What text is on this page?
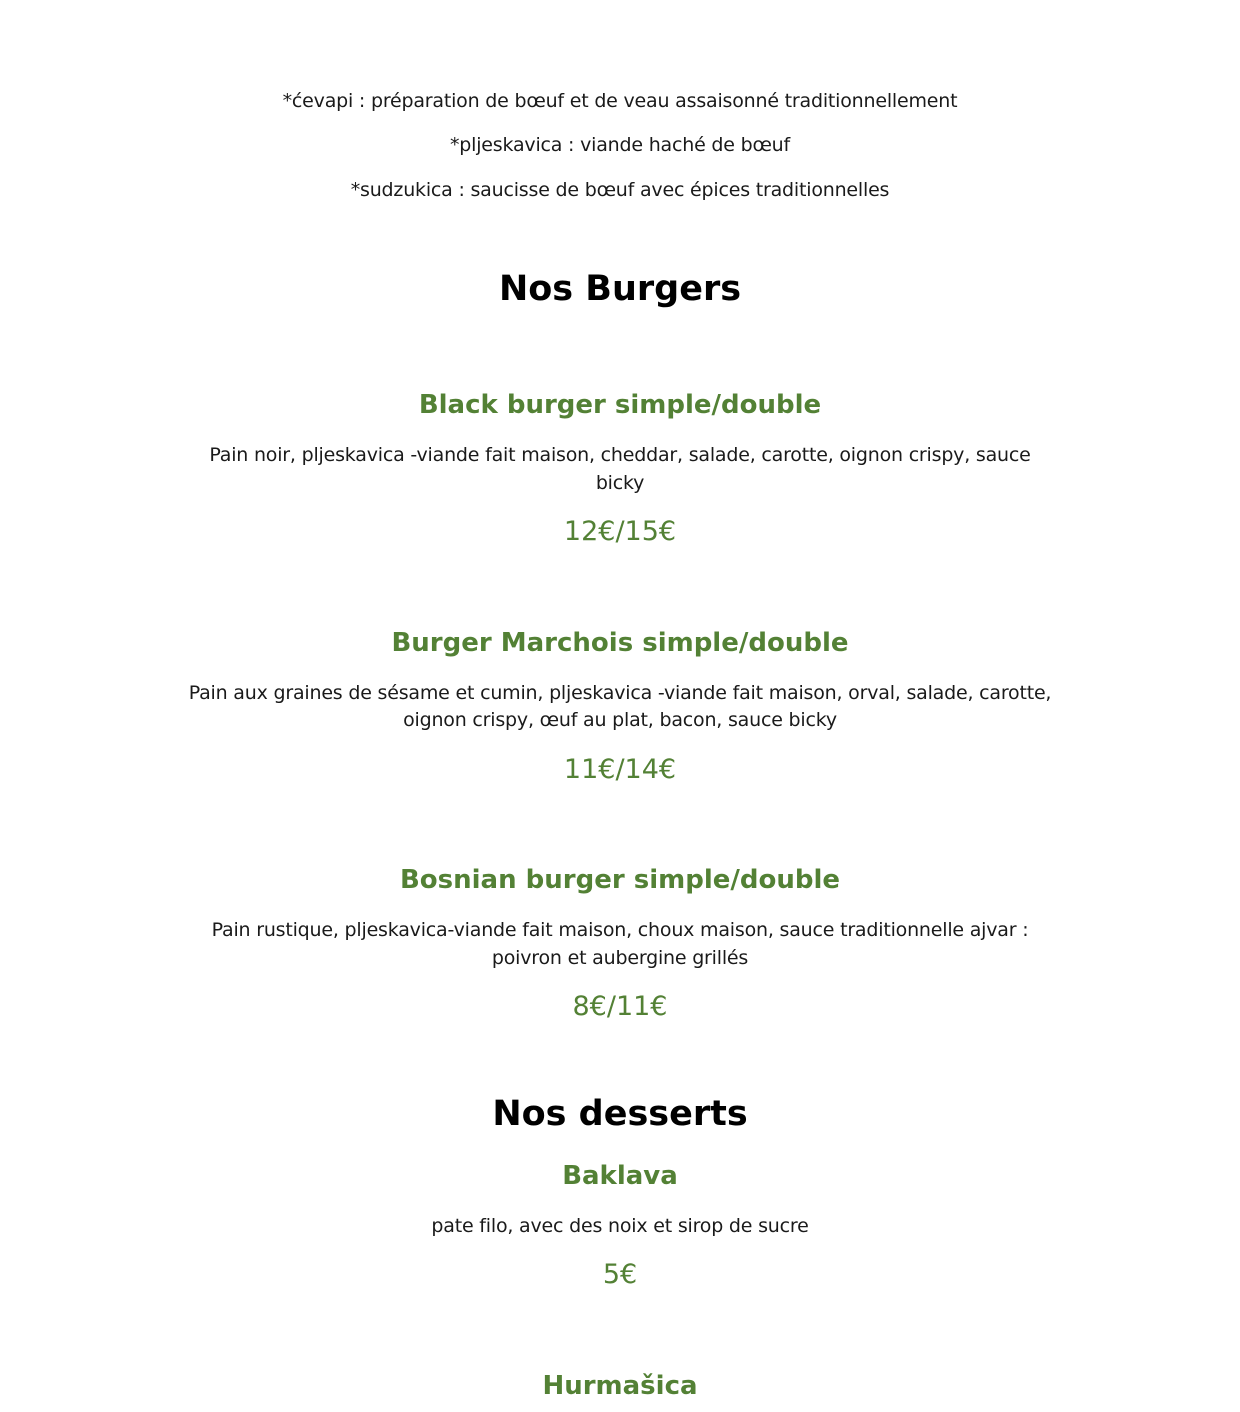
*ćevapi : préparation de bœuf et de veau assaisonné traditionnellement
*pljeskavica : viande haché de bœuf
*sudzukica : saucisse de bœuf avec épices traditionnelles
Nos Burgers
Black burger simple/double
Pain noir, pljeskavica -viande fait maison, cheddar, salade, carotte, oignon crispy, sauce
bicky
12€/15€
Burger Marchois simple/double
Pain aux graines de sésame et cumin, pljeskavica -viande fait maison, orval, salade, carotte,
oignon crispy, œuf au plat, bacon, sauce bicky
11€/14€
Bosnian burger simple/double
Pain rustique, pljeskavica-viande fait maison, choux maison, sauce traditionnelle ajvar :
poivron et aubergine grillés
8€/11€
Nos desserts
Baklava
pate filo, avec des noix et sirop de sucre
5€
Hurmašica
